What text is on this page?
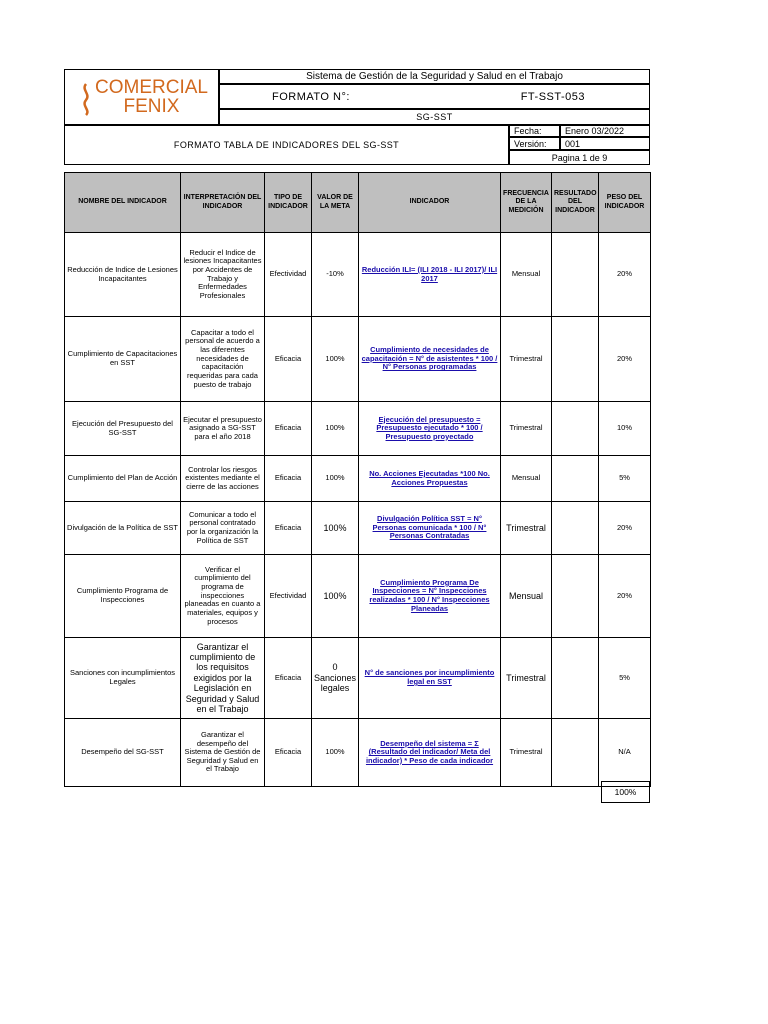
COMERCIAL
FENIX
Sistema de Gestión de la Seguridad y Salud en el Trabajo
FORMATO N°:	FT-SST-053
SG-SST
FORMATO TABLA DE INDICADORES DEL SG-SST
Fecha:	Enero 03/2022
Versión:	001
Pagina 1 de 9
NOMBRE DEL INDICADOR	INTERPRETACIÓN DEL INDICADOR	TIPO DE INDICADOR	VALOR DE LA META	INDICADOR	FRECUENCIA DE LA MEDICIÓN	RESULTADO DEL INDICADOR	PESO DEL INDICADOR
Reducción de Indice de Lesiones Incapacitantes	Reducir el Indice de lesiones Incapacitantes por Accidentes de Trabajo y Enfermedades Profesionales	Efectividad	-10%	Reducción ILI= (ILI 2018 - ILI 2017)/ ILI 2017	Mensual		20%
Cumplimiento de Capacitaciones en SST	Capacitar a todo el personal de acuerdo a las diferentes necesidades de capacitación requeridas para cada puesto de trabajo	Eficacia	100%	Cumplimiento de necesidades de capacitación = N° de asistentes * 100 / N° Personas programadas	Trimestral		20%
Ejecución del Presupuesto del SG-SST	Ejecutar el presupuesto asignado a SG-SST para el año 2018	Eficacia	100%	Ejecución del presupuesto = Presupuesto ejecutado * 100 / Presupuesto proyectado	Trimestral		10%
Cumplimiento del Plan de Acción	Controlar los riesgos existentes mediante el cierre de las acciones	Eficacia	100%	No. Acciones Ejecutadas *100 No. Acciones Propuestas	Mensual		5%
Divulgación de la Política de SST	Comunicar a todo el personal contratado por la organización la Política de SST	Eficacia	100%	Divulgación Política SST = N° Personas comunicada * 100 / N° Personas Contratadas	Trimestral		20%
Cumplimiento Programa de Inspecciones	Verificar el cumplimiento del programa de inspecciones planeadas en cuanto a materiales, equipos y procesos	Efectividad	100%	Cumplimiento Programa De Inspecciones = N° Inspecciones realizadas * 100 / N° Inspecciones Planeadas	Mensual		20%
Sanciones con incumplimientos Legales	Garantizar el cumplimiento de los requisitos exigidos por la Legislación en Seguridad y Salud en el Trabajo	Eficacia	0 Sanciones legales	N° de sanciones por incumplimiento legal en SST	Trimestral		5%
Desempeño del SG-SST	Garantizar el desempeño del Sistema de Gestión de Seguridad y Salud en el Trabajo	Eficacia	100%	Desempeño del sistema = Σ (Resultado del indicador/ Meta del indicador) * Peso de cada indicador	Trimestral		N/A
100%
